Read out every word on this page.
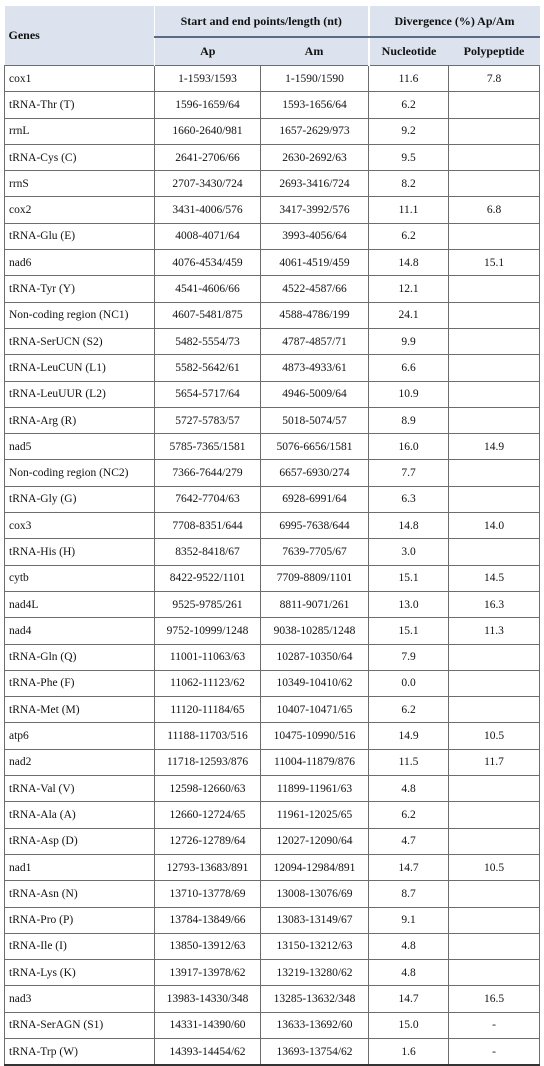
Genes	Start and end points/length (nt)		Divergence (%) Ap/Am	
	Ap	Am	Nucleotide	Polypeptide
cox1	1-1593/1593	1-1590/1590	11.6	7.8
tRNA-Thr (T)	1596-1659/64	1593-1656/64	6.2	
rrnL	1660-2640/981	1657-2629/973	9.2	
tRNA-Cys (C)	2641-2706/66	2630-2692/63	9.5	
rrnS	2707-3430/724	2693-3416/724	8.2	
cox2	3431-4006/576	3417-3992/576	11.1	6.8
tRNA-Glu (E)	4008-4071/64	3993-4056/64	6.2	
nad6	4076-4534/459	4061-4519/459	14.8	15.1
tRNA-Tyr (Y)	4541-4606/66	4522-4587/66	12.1	
Non-coding region (NC1)	4607-5481/875	4588-4786/199	24.1	
tRNA-SerUCN (S2)	5482-5554/73	4787-4857/71	9.9	
tRNA-LeuCUN (L1)	5582-5642/61	4873-4933/61	6.6	
tRNA-LeuUUR (L2)	5654-5717/64	4946-5009/64	10.9	
tRNA-Arg (R)	5727-5783/57	5018-5074/57	8.9	
nad5	5785-7365/1581	5076-6656/1581	16.0	14.9
Non-coding region (NC2)	7366-7644/279	6657-6930/274	7.7	
tRNA-Gly (G)	7642-7704/63	6928-6991/64	6.3	
cox3	7708-8351/644	6995-7638/644	14.8	14.0
tRNA-His (H)	8352-8418/67	7639-7705/67	3.0	
cytb	8422-9522/1101	7709-8809/1101	15.1	14.5
nad4L	9525-9785/261	8811-9071/261	13.0	16.3
nad4	9752-10999/1248	9038-10285/1248	15.1	11.3
tRNA-Gln (Q)	11001-11063/63	10287-10350/64	7.9	
tRNA-Phe (F)	11062-11123/62	10349-10410/62	0.0	
tRNA-Met (M)	11120-11184/65	10407-10471/65	6.2	
atp6	11188-11703/516	10475-10990/516	14.9	10.5
nad2	11718-12593/876	11004-11879/876	11.5	11.7
tRNA-Val (V)	12598-12660/63	11899-11961/63	4.8	
tRNA-Ala (A)	12660-12724/65	11961-12025/65	6.2	
tRNA-Asp (D)	12726-12789/64	12027-12090/64	4.7	
nad1	12793-13683/891	12094-12984/891	14.7	10.5
tRNA-Asn (N)	13710-13778/69	13008-13076/69	8.7	
tRNA-Pro (P)	13784-13849/66	13083-13149/67	9.1	
tRNA-Ile (I)	13850-13912/63	13150-13212/63	4.8	
tRNA-Lys (K)	13917-13978/62	13219-13280/62	4.8	
nad3	13983-14330/348	13285-13632/348	14.7	16.5
tRNA-SerAGN (S1)	14331-14390/60	13633-13692/60	15.0	-
tRNA-Trp (W)	14393-14454/62	13693-13754/62	1.6	-
